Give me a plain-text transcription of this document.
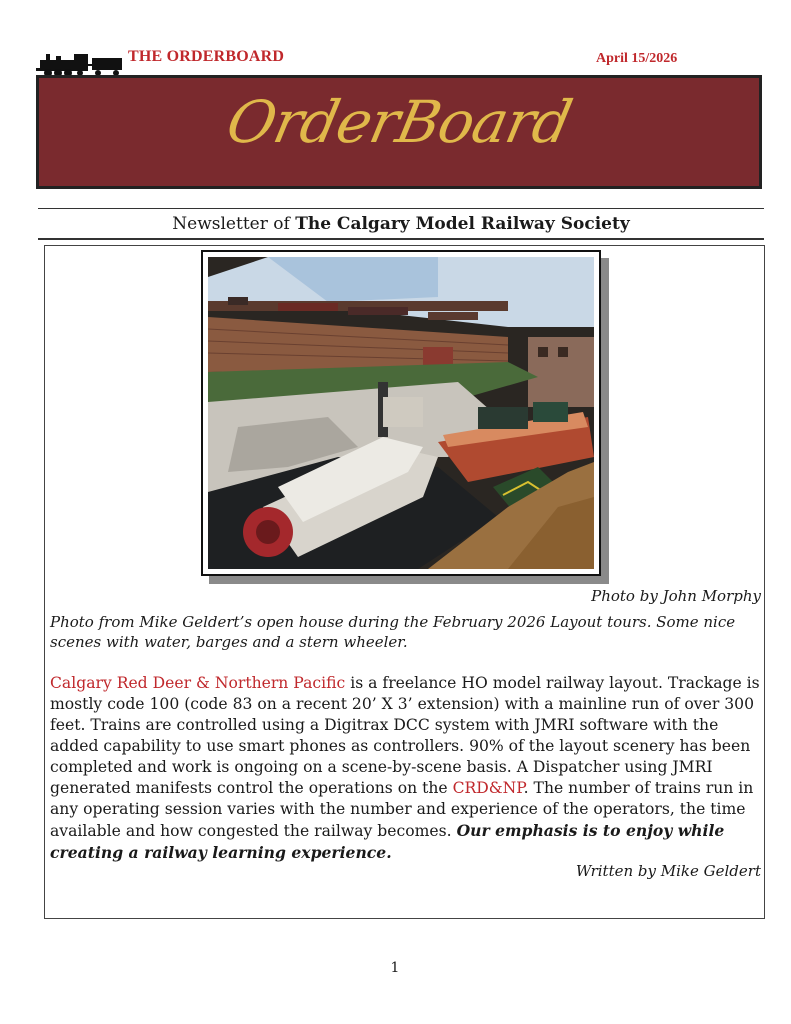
THE ORDERBOARD	April 15/2026
OrderBoard
Newsletter of The Calgary Model Railway Society
Photo by John Morphy
Photo from Mike Geldert’s open house during the February 2026 Layout tours. Some nice scenes with water, barges and a stern wheeler.
Calgary Red Deer & Northern Pacific is a freelance HO model railway layout. Trackage is mostly code 100 (code 83 on a recent 20’ X 3’ extension) with a mainline run of over 300 feet. Trains are controlled using a Digitrax DCC system with JMRI software with the added capability to use smart phones as controllers. 90% of the layout scenery has been completed and work is ongoing on a scene-by-scene basis. A Dispatcher using JMRI generated manifests control the operations on the CRD&NP. The number of trains run in any operating session varies with the number and experience of the operators, the time available and how congested the railway becomes. Our emphasis is to enjoy while creating a railway learning experience.
Written by Mike Geldert
1
